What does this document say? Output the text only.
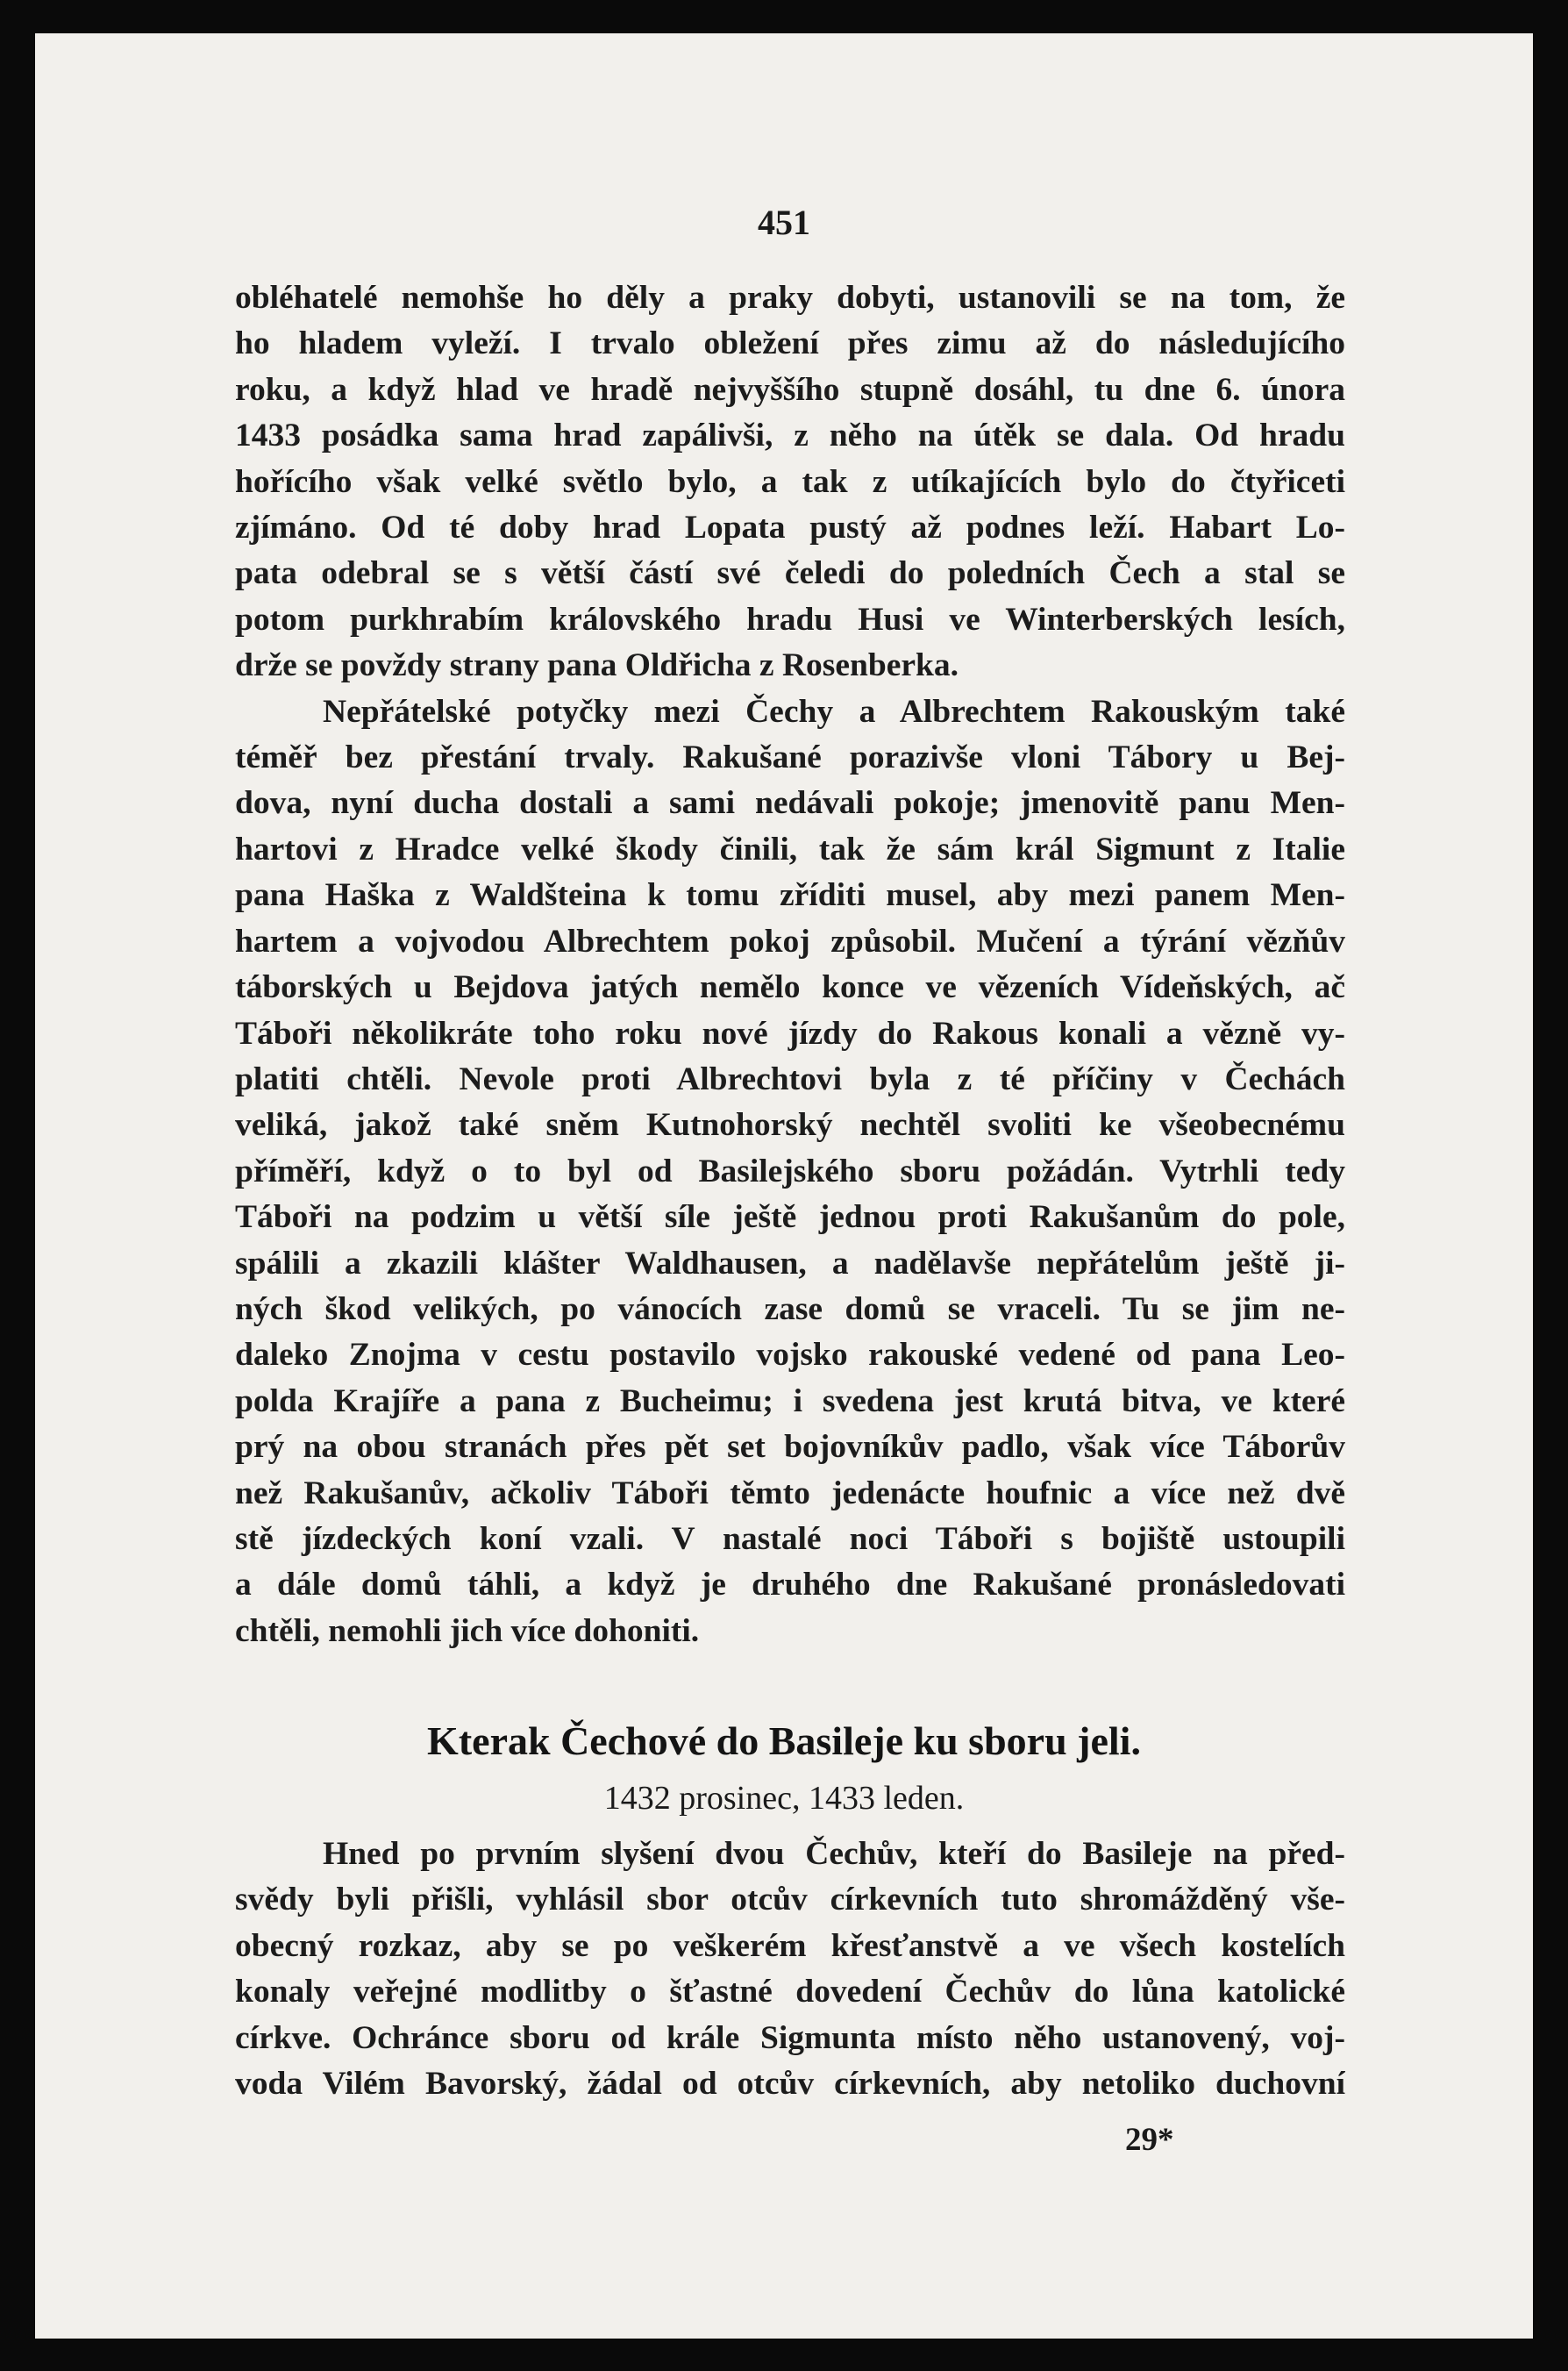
451

obléhatelé nemohše ho děly a praky dobyti, ustanovili se na tom, že
ho hladem vyleží. I trvalo obležení přes zimu až do následujícího
roku, a když hlad ve hradě nejvyššího stupně dosáhl, tu dne 6. února
1433 posádka sama hrad zapálivši, z něho na útěk se dala. Od hradu
hořícího však velké světlo bylo, a tak z utíkajících bylo do čtyřiceti
zjímáno. Od té doby hrad Lopata pustý až podnes leží. Habart Lo-
pata odebral se s větší částí své čeledi do poledních Čech a stal se
potom purkhrabím královského hradu Husi ve Winterberských lesích,
drže se povždy strany pana Oldřicha z Rosenberka.

Nepřátelské potyčky mezi Čechy a Albrechtem Rakouským také
téměř bez přestání trvaly. Rakušané porazivše vloni Tábory u Bej-
dova, nyní ducha dostali a sami nedávali pokoje; jmenovitě panu Men-
hartovi z Hradce velké škody činili, tak že sám král Sigmunt z Italie
pana Haška z Waldšteina k tomu zříditi musel, aby mezi panem Men-
hartem a vojvodou Albrechtem pokoj způsobil. Mučení a týrání vězňův
táborských u Bejdova jatých nemělo konce ve vězeních Vídeňských, ač
Táboři několikráte toho roku nové jízdy do Rakous konali a vězně vy-
platiti chtěli. Nevole proti Albrechtovi byla z té příčiny v Čechách
veliká, jakož také sněm Kutnohorský nechtěl svoliti ke všeobecnému
příměří, když o to byl od Basilejského sboru požádán. Vytrhli tedy
Táboři na podzim u větší síle ještě jednou proti Rakušanům do pole,
spálili a zkazili klášter Waldhausen, a nadělavše nepřátelům ještě ji-
ných škod velikých, po vánocích zase domů se vraceli. Tu se jim ne-
daleko Znojma v cestu postavilo vojsko rakouské vedené od pana Leo-
polda Krajíře a pana z Bucheimu; i svedena jest krutá bitva, ve které
prý na obou stranách přes pět set bojovníkův padlo, však více Táborův
než Rakušanův, ačkoliv Táboři těmto jedenácte houfnic a více než dvě
stě jízdeckých koní vzali. V nastalé noci Táboři s bojiště ustoupili
a dále domů táhli, a když je druhého dne Rakušané pronásledovati
chtěli, nemohli jich více dohoniti.

Kterak Čechové do Basileje ku sboru jeli.
1432 prosinec, 1433 leden.

Hned po prvním slyšení dvou Čechův, kteří do Basileje na před-
svědy byli přišli, vyhlásil sbor otcův církevních tuto shromážděný vše-
obecný rozkaz, aby se po veškerém křesťanstvě a ve všech kostelích
konaly veřejné modlitby o šťastné dovedení Čechův do lůna katolické
církve. Ochránce sboru od krále Sigmunta místo něho ustanovený, voj-
voda Vilém Bavorský, žádal od otcův církevních, aby netoliko duchovní

29*
